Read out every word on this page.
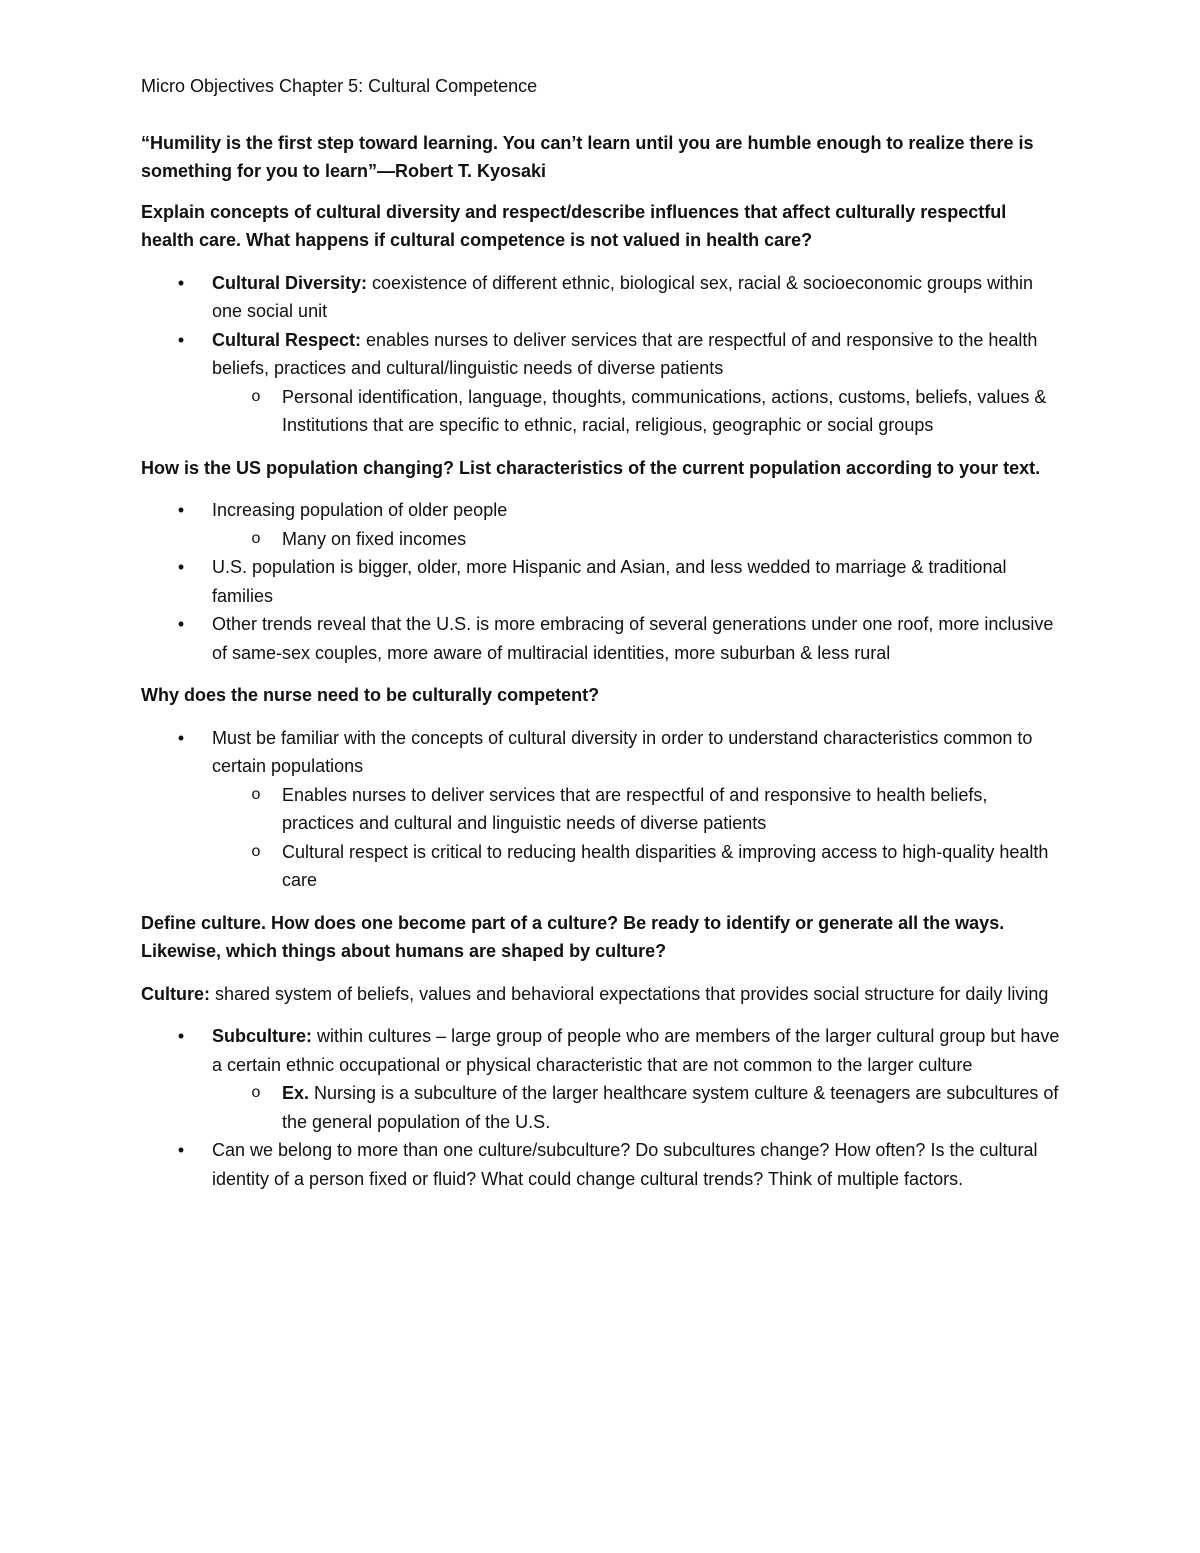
Micro Objectives Chapter 5: Cultural Competence

“Humility is the first step toward learning. You can’t learn until you are humble enough to realize there is something for you to learn”—Robert T. Kyosaki

Explain concepts of cultural diversity and respect/describe influences that affect culturally respectful health care. What happens if cultural competence is not valued in health care?

• Cultural Diversity: coexistence of different ethnic, biological sex, racial & socioeconomic groups within one social unit
• Cultural Respect: enables nurses to deliver services that are respectful of and responsive to the health beliefs, practices and cultural/linguistic needs of diverse patients
o Personal identification, language, thoughts, communications, actions, customs, beliefs, values & Institutions that are specific to ethnic, racial, religious, geographic or social groups

How is the US population changing? List characteristics of the current population according to your text.

• Increasing population of older people
o Many on fixed incomes
• U.S. population is bigger, older, more Hispanic and Asian, and less wedded to marriage & traditional families
• Other trends reveal that the U.S. is more embracing of several generations under one roof, more inclusive of same-sex couples, more aware of multiracial identities, more suburban & less rural

Why does the nurse need to be culturally competent?

• Must be familiar with the concepts of cultural diversity in order to understand characteristics common to certain populations
o Enables nurses to deliver services that are respectful of and responsive to health beliefs, practices and cultural and linguistic needs of diverse patients
o Cultural respect is critical to reducing health disparities & improving access to high-quality health care

Define culture. How does one become part of a culture? Be ready to identify or generate all the ways. Likewise, which things about humans are shaped by culture?

Culture: shared system of beliefs, values and behavioral expectations that provides social structure for daily living

• Subculture: within cultures – large group of people who are members of the larger cultural group but have a certain ethnic occupational or physical characteristic that are not common to the larger culture
o Ex. Nursing is a subculture of the larger healthcare system culture & teenagers are subcultures of the general population of the U.S.
• Can we belong to more than one culture/subculture? Do subcultures change? How often? Is the cultural identity of a person fixed or fluid? What could change cultural trends? Think of multiple factors.
